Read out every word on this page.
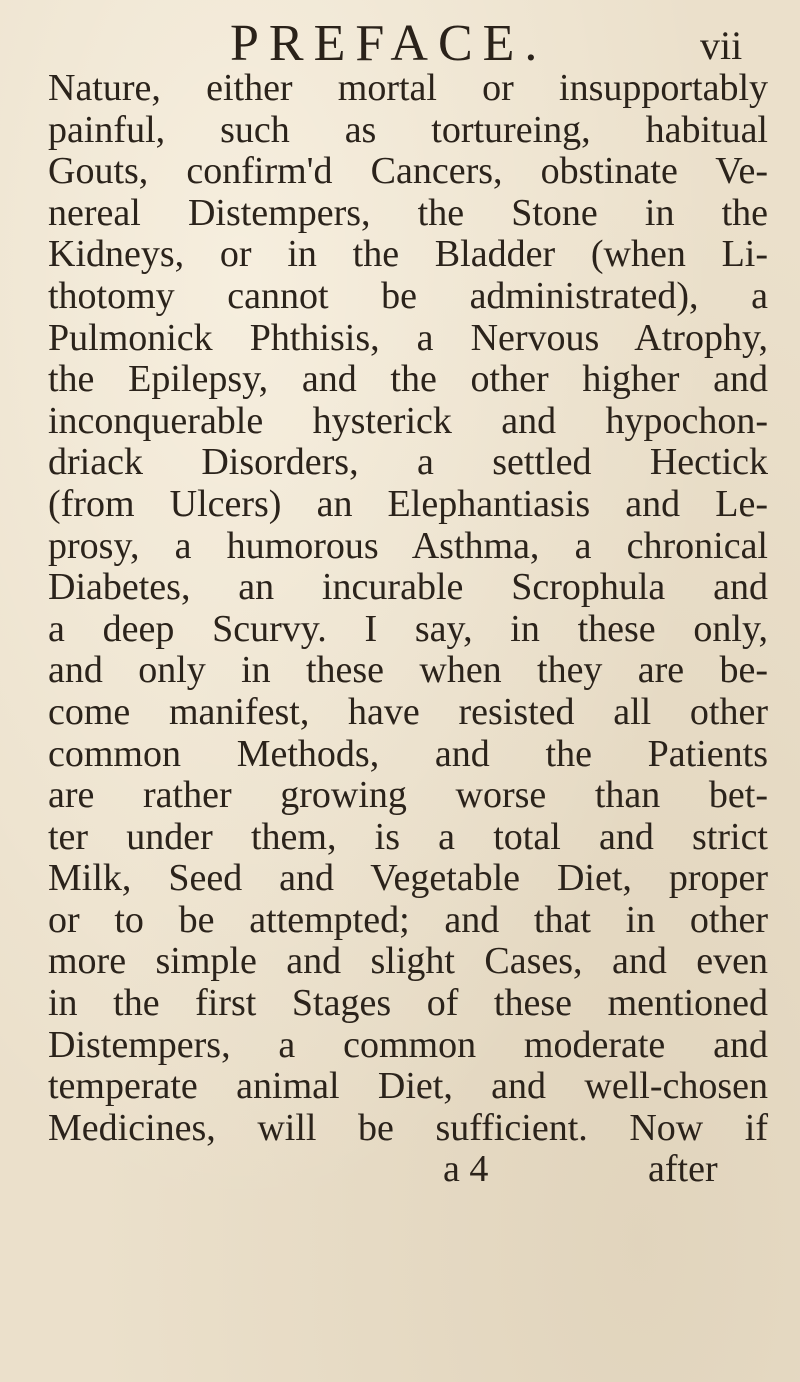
PREFACE.	vii
Nature, either mortal or insupportably
painful, such as tortureing, habitual
Gouts, confirm'd Cancers, obstinate Ve-
nereal Distempers, the Stone in the
Kidneys, or in the Bladder (when Li-
thotomy cannot be administrated), a
Pulmonick Phthisis, a Nervous Atrophy,
the Epilepsy, and the other higher and
inconquerable hysterick and hypochon-
driack Disorders, a settled Hectick
(from Ulcers) an Elephantiasis and Le-
prosy, a humorous Asthma, a chronical
Diabetes, an incurable Scrophula and
a deep Scurvy. I say, in these only,
and only in these when they are be-
come manifest, have resisted all other
common Methods, and the Patients
are rather growing worse than bet-
ter under them, is a total and strict
Milk, Seed and Vegetable Diet, proper
or to be attempted; and that in other
more simple and slight Cases, and even
in the first Stages of these mentioned
Distempers, a common moderate and
temperate animal Diet, and well-chosen
Medicines, will be sufficient. Now if
a 4	after
